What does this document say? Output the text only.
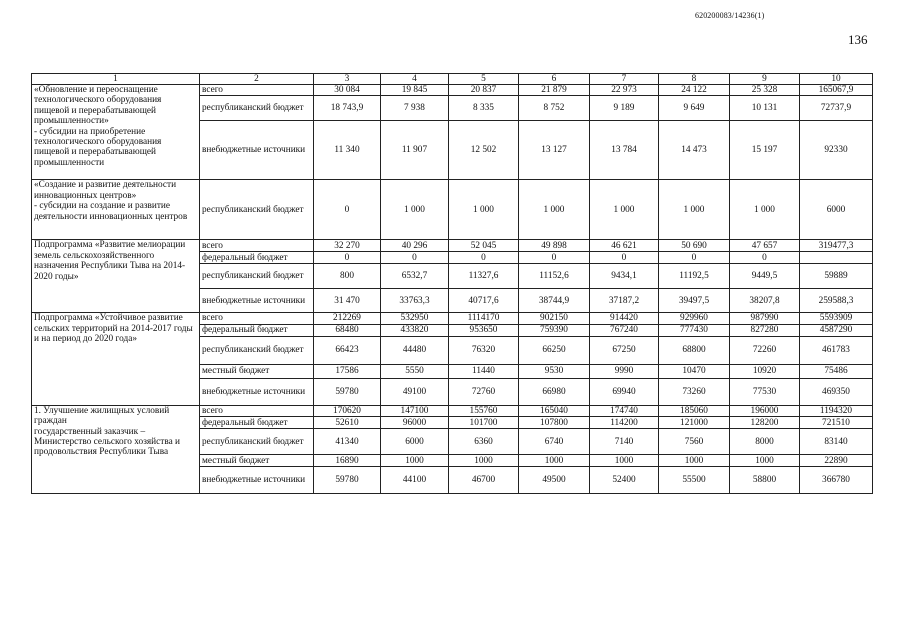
620200083/14236(1)
136
1	2	3	4	5	6	7	8	9	10
«Обновление и переоснащение технологического оборудования пищевой и перерабатывающей промышленности»
- субсидии на приобретение технологического оборудования пищевой и перерабатывающей промышленности	всего	30 084	19 845	20 837	21 879	22 973	24 122	25 328	165067,9
	республиканский бюджет	18 743,9	7 938	8 335	8 752	9 189	9 649	10 131	72737,9
	внебюджетные источники	11 340	11 907	12 502	13 127	13 784	14 473	15 197	92330
«Создание и развитие деятельности инновационных центров»
- субсидии на создание и развитие деятельности инновационных центров	республиканский бюджет	0	1 000	1 000	1 000	1 000	1 000	1 000	6000
Подпрограмма «Развитие мелиорации земель сельскохозяйственного назначения Республики Тыва на 2014-2020 годы»	всего	32 270	40 296	52 045	49 898	46 621	50 690	47 657	319477,3
	федеральный бюджет	0	0	0	0	0	0	0	
	республиканский бюджет	800	6532,7	11327,6	11152,6	9434,1	11192,5	9449,5	59889
	внебюджетные источники	31 470	33763,3	40717,6	38744,9	37187,2	39497,5	38207,8	259588,3
Подпрограмма «Устойчивое развитие сельских территорий на 2014-2017 годы и на период до 2020 года»	всего	212269	532950	1114170	902150	914420	929960	987990	5593909
	федеральный бюджет	68480	433820	953650	759390	767240	777430	827280	4587290
	республиканский бюджет	66423	44480	76320	66250	67250	68800	72260	461783
	местный бюджет	17586	5550	11440	9530	9990	10470	10920	75486
	внебюджетные источники	59780	49100	72760	66980	69940	73260	77530	469350
1. Улучшение жилищных условий граждан
государственный заказчик – Министерство сельского хозяйства и продовольствия Республики Тыва	всего	170620	147100	155760	165040	174740	185060	196000	1194320
	федеральный бюджет	52610	96000	101700	107800	114200	121000	128200	721510
	республиканский бюджет	41340	6000	6360	6740	7140	7560	8000	83140
	местный бюджет	16890	1000	1000	1000	1000	1000	1000	22890
	внебюджетные источники	59780	44100	46700	49500	52400	55500	58800	366780
